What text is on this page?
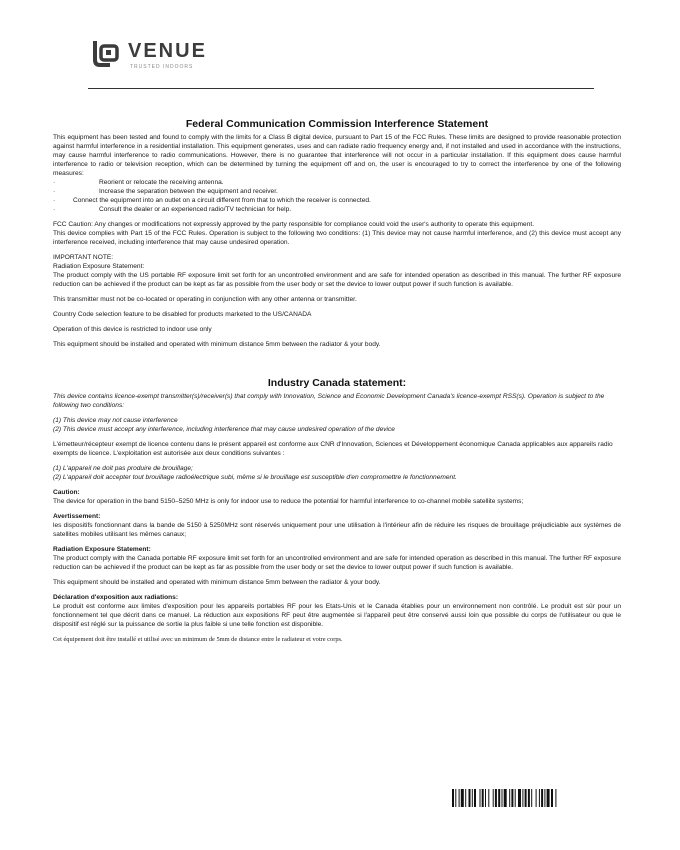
VENUE
TRUSTED INDOORS
Federal Communication Commission Interference Statement

This equipment has been tested and found to comply with the limits for a Class B digital device, pursuant to Part 15 of the FCC Rules. These limits are designed to provide reasonable protection against harmful interference in a residential installation. This equipment generates, uses and can radiate radio frequency energy and, if not installed and used in accordance with the instructions, may cause harmful interference to radio communications. However, there is no guarantee that interference will not occur in a particular installation. If this equipment does cause harmful interference to radio or television reception, which can be determined by turning the equipment off and on, the user is encouraged to try to correct the interference by one of the following measures:

·	Reorient or relocate the receiving antenna.
·	Increase the separation between the equipment and receiver.
·	Connect the equipment into an outlet on a circuit different from that to which the receiver is connected.
·	Consult the dealer or an experienced radio/TV technician for help.

FCC Caution: Any changes or modifications not expressly approved by the party responsible for compliance could void the user's authority to operate this equipment.

This device complies with Part 15 of the FCC Rules. Operation is subject to the following two conditions: (1) This device may not cause harmful interference, and (2) this device must accept any interference received, including interference that may cause undesired operation.

IMPORTANT NOTE:

Radiation Exposure Statement:

The product comply with the US portable RF exposure limit set forth for an uncontrolled environment and are safe for intended operation as described in this manual. The further RF exposure reduction can be achieved if the product can be kept as far as possible from the user body or set the device to lower output power if such function is available.

This transmitter must not be co-located or operating in conjunction with any other antenna or transmitter.

Country Code selection feature to be disabled for products marketed to the US/CANADA

Operation of this device is restricted to indoor use only

This equipment should be installed and operated with minimum distance 5mm between the radiator & your body.

Industry Canada statement:

This device contains licence-exempt transmitter(s)/receiver(s) that comply with Innovation, Science and Economic Development Canada's licence-exempt RSS(s). Operation is subject to the following two conditions:

(1) This device may not cause interference

(2) This device must accept any interference, including interference that may cause undesired operation of the device

L'émetteur/récepteur exempt de licence contenu dans le présent appareil est conforme aux CNR d'Innovation, Sciences et Développement économique Canada applicables aux appareils radio exempts de licence. L'exploitation est autorisée aux deux conditions suivantes :

(1) L'appareil ne doit pas produire de brouillage;

(2) L'appareil doit accepter tout brouillage radioélectrique subi, même si le brouillage est susceptible d'en compromettre le fonctionnement.

Caution:

The device for operation in the band 5150–5250 MHz is only for indoor use to reduce the potential for harmful interference to co-channel mobile satellite systems;

Avertissement:

les dispositifs fonctionnant dans la bande de 5150 à 5250MHz sont réservés uniquement pour une utilisation à l'intérieur afin de réduire les risques de brouillage préjudiciable aux systèmes de satellites mobiles utilisant les mêmes canaux;

Radiation Exposure Statement:

The product comply with the Canada portable RF exposure limit set forth for an uncontrolled environment and are safe for intended operation as described in this manual. The further RF exposure reduction can be achieved if the product can be kept as far as possible from the user body or set the device to lower output power if such function is available.

This equipment should be installed and operated with minimum distance 5mm between the radiator & your body.

Déclaration d'exposition aux radiations:

Le produit est conforme aux limites d'exposition pour les appareils portables RF pour les Etats-Unis et le Canada établies pour un environnement non contrôlé. Le produit est sûr pour un fonctionnement tel que décrit dans ce manuel. La réduction aux expositions RF peut être augmentée si l'appareil peut être conservé aussi loin que possible du corps de l'utilisateur ou que le dispositif est réglé sur la puissance de sortie la plus faible si une telle fonction est disponible.

Cet équipement doit être installé et utilisé avec un minimum de 5mm de distance entre le radiateur et votre corps.
